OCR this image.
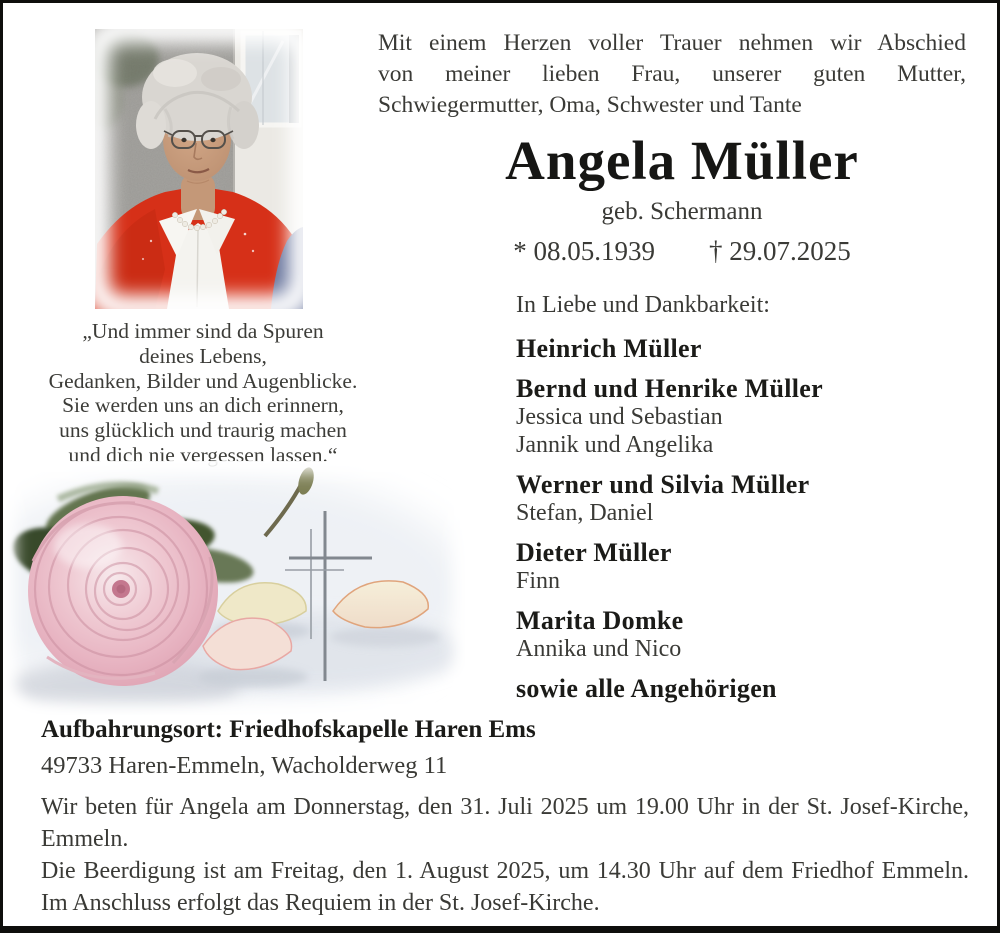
Mit einem Herzen voller Trauer nehmen wir Abschied
von meiner lieben Frau, unserer guten Mutter,
Schwiegermutter, Oma, Schwester und Tante
Angela Müller
geb. Schermann
* 08.05.1939 † 29.07.2025
In Liebe und Dankbarkeit:
Heinrich Müller
Bernd und Henrike Müller
Jessica und Sebastian
Jannik und Angelika
Werner und Silvia Müller
Stefan, Daniel
Dieter Müller
Finn
Marita Domke
Annika und Nico
sowie alle Angehörigen
„Und immer sind da Spuren
deines Lebens,
Gedanken, Bilder und Augenblicke.
Sie werden uns an dich erinnern,
uns glücklich und traurig machen
und dich nie vergessen lassen.“
Aufbahrungsort: Friedhofskapelle Haren Ems
49733 Haren-Emmeln, Wacholderweg 11
Wir beten für Angela am Donnerstag, den 31. Juli 2025 um 19.00 Uhr in der St. Josef-Kirche,
Emmeln.
Die Beerdigung ist am Freitag, den 1. August 2025, um 14.30 Uhr auf dem Friedhof Emmeln.
Im Anschluss erfolgt das Requiem in der St. Josef-Kirche.
